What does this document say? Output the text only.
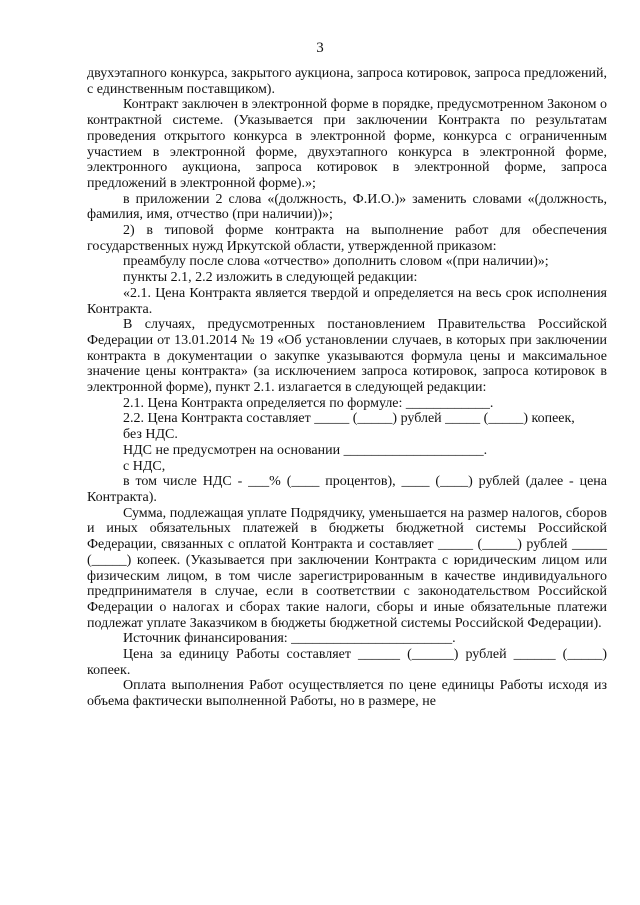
3

двухэтапного конкурса, закрытого аукциона, запроса котировок, запроса предложений, с единственным поставщиком).

Контракт заключен в электронной форме в порядке, предусмотренном Законом о контрактной системе. (Указывается при заключении Контракта по результатам проведения открытого конкурса в электронной форме, конкурса с ограниченным участием в электронной форме, двухэтапного конкурса в электронной форме, электронного аукциона, запроса котировок в электронной форме, запроса предложений в электронной форме).»;

в приложении 2 слова «(должность, Ф.И.О.)» заменить словами «(должность, фамилия, имя, отчество (при наличии))»;

2) в типовой форме контракта на выполнение работ для обеспечения государственных нужд Иркутской области, утвержденной приказом:

преамбулу после слова «отчество» дополнить словом «(при наличии)»;

пункты 2.1, 2.2 изложить в следующей редакции:

«2.1. Цена Контракта является твердой и определяется на весь срок исполнения Контракта.

В случаях, предусмотренных постановлением Правительства Российской Федерации от 13.01.2014 № 19 «Об установлении случаев, в которых при заключении контракта в документации о закупке указываются формула цены и максимальное значение цены контракта» (за исключением запроса котировок, запроса котировок в электронной форме), пункт 2.1. излагается в следующей редакции:

2.1. Цена Контракта определяется по формуле: ____________.

2.2. Цена Контракта составляет _____ (_____) рублей _____ (_____) копеек,

без НДС.

НДС не предусмотрен на основании ____________________.

с НДС,

в том числе НДС - ___% (____ процентов), ____ (____) рублей (далее - цена Контракта).

Сумма, подлежащая уплате Подрядчику, уменьшается на размер налогов, сборов и иных обязательных платежей в бюджеты бюджетной системы Российской Федерации, связанных с оплатой Контракта и составляет _____ (_____) рублей _____ (_____) копеек. (Указывается при заключении Контракта с юридическим лицом или физическим лицом, в том числе зарегистрированным в качестве индивидуального предпринимателя в случае, если в соответствии с законодательством Российской Федерации о налогах и сборах такие налоги, сборы и иные обязательные платежи подлежат уплате Заказчиком в бюджеты бюджетной системы Российской Федерации).

Источник финансирования: _______________________.

Цена за единицу Работы составляет ______ (______) рублей ______ (_____) копеек.

Оплата выполнения Работ осуществляется по цене единицы Работы исходя из объема фактически выполненной Работы, но в размере, не
